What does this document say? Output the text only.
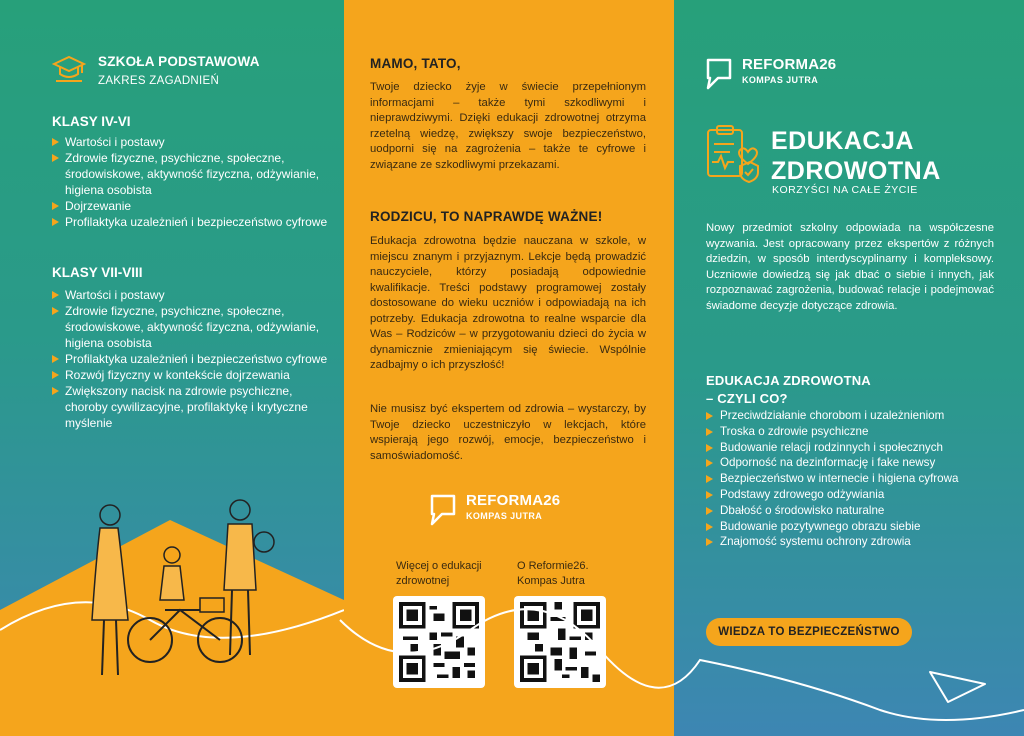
SZKOŁA PODSTAWOWA
ZAKRES ZAGADNIEŃ
KLASY IV-VI
Wartości i postawy
Zdrowie fizyczne, psychiczne, społeczne, środowiskowe, aktywność fizyczna, odżywianie, higiena osobista
Dojrzewanie
Profilaktyka uzależnień i bezpieczeństwo cyfrowe
KLASY VII-VIII
Wartości i postawy
Zdrowie fizyczne, psychiczne, społeczne, środowiskowe, aktywność fizyczna, odżywianie, higiena osobista
Profilaktyka uzależnień i bezpieczeństwo cyfrowe
Rozwój fizyczny w kontekście dojrzewania
Zwiększony nacisk na zdrowie psychiczne, choroby cywilizacyjne, profilaktykę i krytyczne myślenie
MAMO, TATO,

Twoje dziecko żyje w świecie przepełnionym informacjami – także tymi szkodliwymi i nieprawdziwymi. Dzięki edukacji zdrowotnej otrzyma rzetelną wiedzę, zwiększy swoje bezpieczeństwo, uodporni się na zagrożenia – także te cyfrowe i związane ze szkodliwymi przekazami.

RODZICU, TO NAPRAWDĘ WAŻNE!

Edukacja zdrowotna będzie nauczana w szkole, w miejscu znanym i przyjaznym. Lekcje będą prowadzić nauczyciele, którzy posiadają odpowiednie kwalifikacje. Treści podstawy programowej zostały dostosowane do wieku uczniów i odpowiadają na ich potrzeby. Edukacja zdrowotna to realne wsparcie dla Was – Rodziców – w przygotowaniu dzieci do życia w dynamicznie zmieniającym się świecie. Wspólnie zadbajmy o ich przyszłość!

Nie musisz być ekspertem od zdrowia – wystarczy, by Twoje dziecko uczestniczyło w lekcjach, które wspierają jego rozwój, emocje, bezpieczeństwo i samoświadomość.

REFORMA26
KOMPAS JUTRA
Więcej o edukacji
zdrowotnej
O Reformie26.
Kompas Jutra
REFORMA26
KOMPAS JUTRA
EDUKACJA
ZDROWOTNA
KORZYŚCI NA CAŁE ŻYCIE

Nowy przedmiot szkolny odpowiada na współczesne wyzwania. Jest opracowany przez ekspertów z różnych dziedzin, w sposób interdyscyplinarny i kompleksowy. Uczniowie dowiedzą się jak dbać o siebie i innych, jak rozpoznawać zagrożenia, budować relacje i podejmować świadome decyzje dotyczące zdrowia.

EDUKACJA ZDROWOTNA
– CZYLI CO?
Przeciwdziałanie chorobom i uzależnieniom
Troska o zdrowie psychiczne
Budowanie relacji rodzinnych i społecznych
Odporność na dezinformację i fake newsy
Bezpieczeństwo w internecie i higiena cyfrowa
Podstawy zdrowego odżywiania
Dbałość o środowisko naturalne
Budowanie pozytywnego obrazu siebie
Znajomość systemu ochrony zdrowia
WIEDZA TO BEZPIECZEŃSTWO
